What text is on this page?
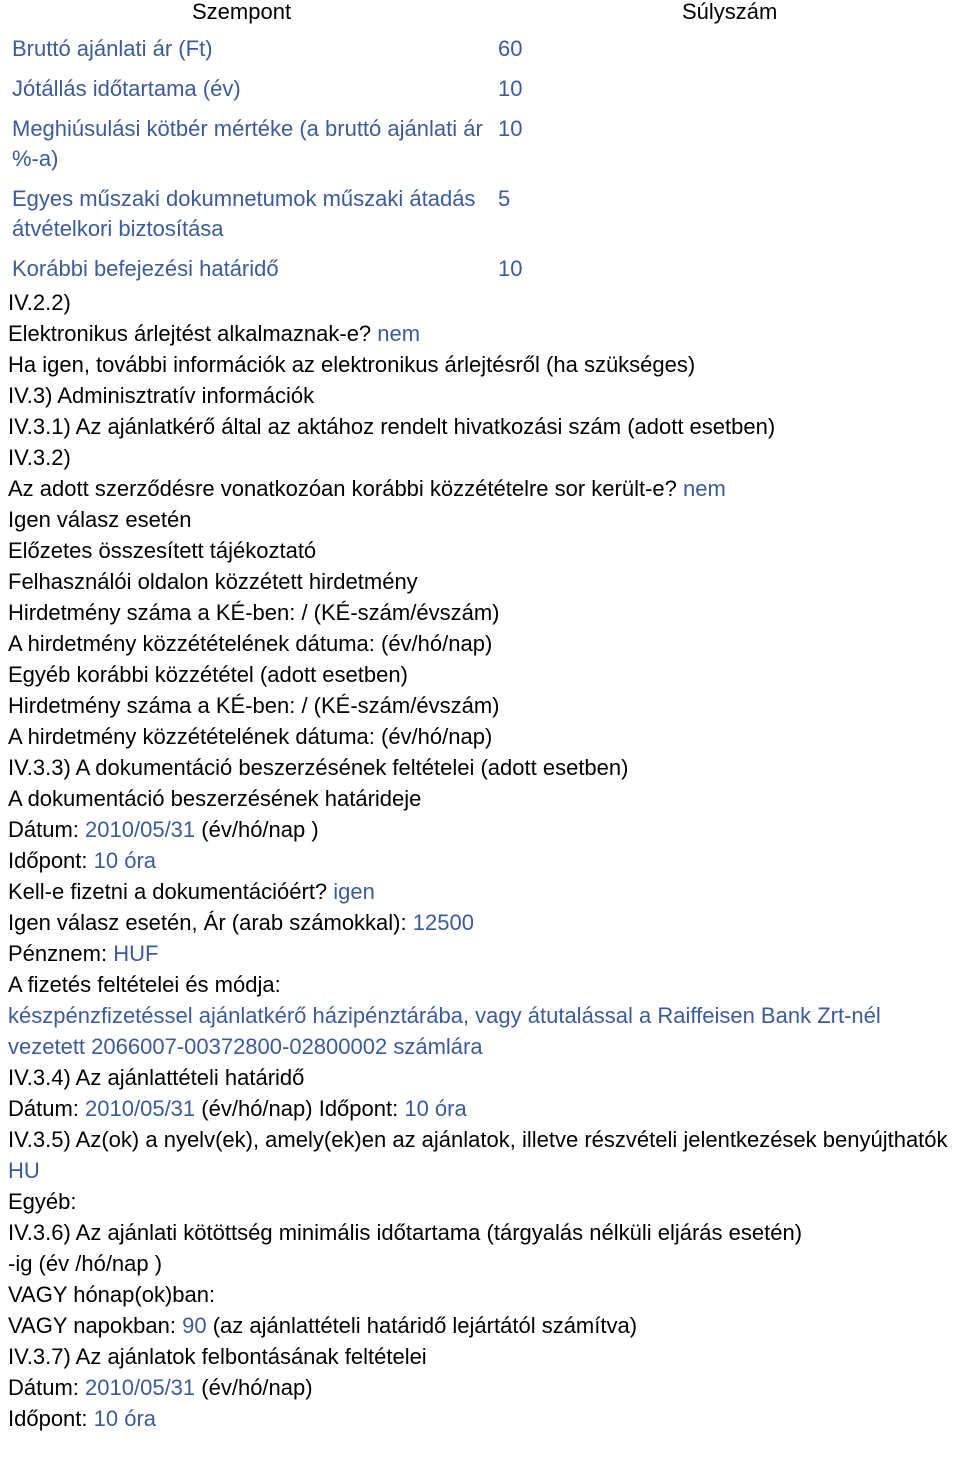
Szempont	Súlyszám
Bruttó ajánlati ár (Ft)	60
Jótállás időtartama (év)	10
Meghiúsulási kötbér mértéke (a bruttó ajánlati ár %-a)	10
Egyes műszaki dokumnetumok műszaki átadás átvételkori biztosítása	5
Korábbi befejezési határidő	10
IV.2.2)
Elektronikus árlejtést alkalmaznak-e? nem
Ha igen, további információk az elektronikus árlejtésről (ha szükséges)
IV.3) Adminisztratív információk
IV.3.1) Az ajánlatkérő által az aktához rendelt hivatkozási szám (adott esetben)
IV.3.2)
Az adott szerződésre vonatkozóan korábbi közzétételre sor került-e? nem
Igen válasz esetén
Előzetes összesített tájékoztató
Felhasználói oldalon közzétett hirdetmény
Hirdetmény száma a KÉ-ben: / (KÉ-szám/évszám)
A hirdetmény közzétételének dátuma: (év/hó/nap)
Egyéb korábbi közzététel (adott esetben)
Hirdetmény száma a KÉ-ben: / (KÉ-szám/évszám)
A hirdetmény közzétételének dátuma: (év/hó/nap)
IV.3.3) A dokumentáció beszerzésének feltételei (adott esetben)
A dokumentáció beszerzésének határideje
Dátum: 2010/05/31 (év/hó/nap )
Időpont: 10 óra
Kell-e fizetni a dokumentációért? igen
Igen válasz esetén, Ár (arab számokkal): 12500
Pénznem: HUF
A fizetés feltételei és módja:
készpénzfizetéssel ajánlatkérő házipénztárába, vagy átutalással a Raiffeisen Bank Zrt-nél vezetett 2066007-00372800-02800002 számlára
IV.3.4) Az ajánlattételi határidő
Dátum: 2010/05/31 (év/hó/nap) Időpont: 10 óra
IV.3.5) Az(ok) a nyelv(ek), amely(ek)en az ajánlatok, illetve részvételi jelentkezések benyújthatók
HU
Egyéb:
IV.3.6) Az ajánlati kötöttség minimális időtartama (tárgyalás nélküli eljárás esetén)
-ig (év /hó/nap )
VAGY hónap(ok)ban:
VAGY napokban: 90 (az ajánlattételi határidő lejártától számítva)
IV.3.7) Az ajánlatok felbontásának feltételei
Dátum: 2010/05/31 (év/hó/nap)
Időpont: 10 óra
